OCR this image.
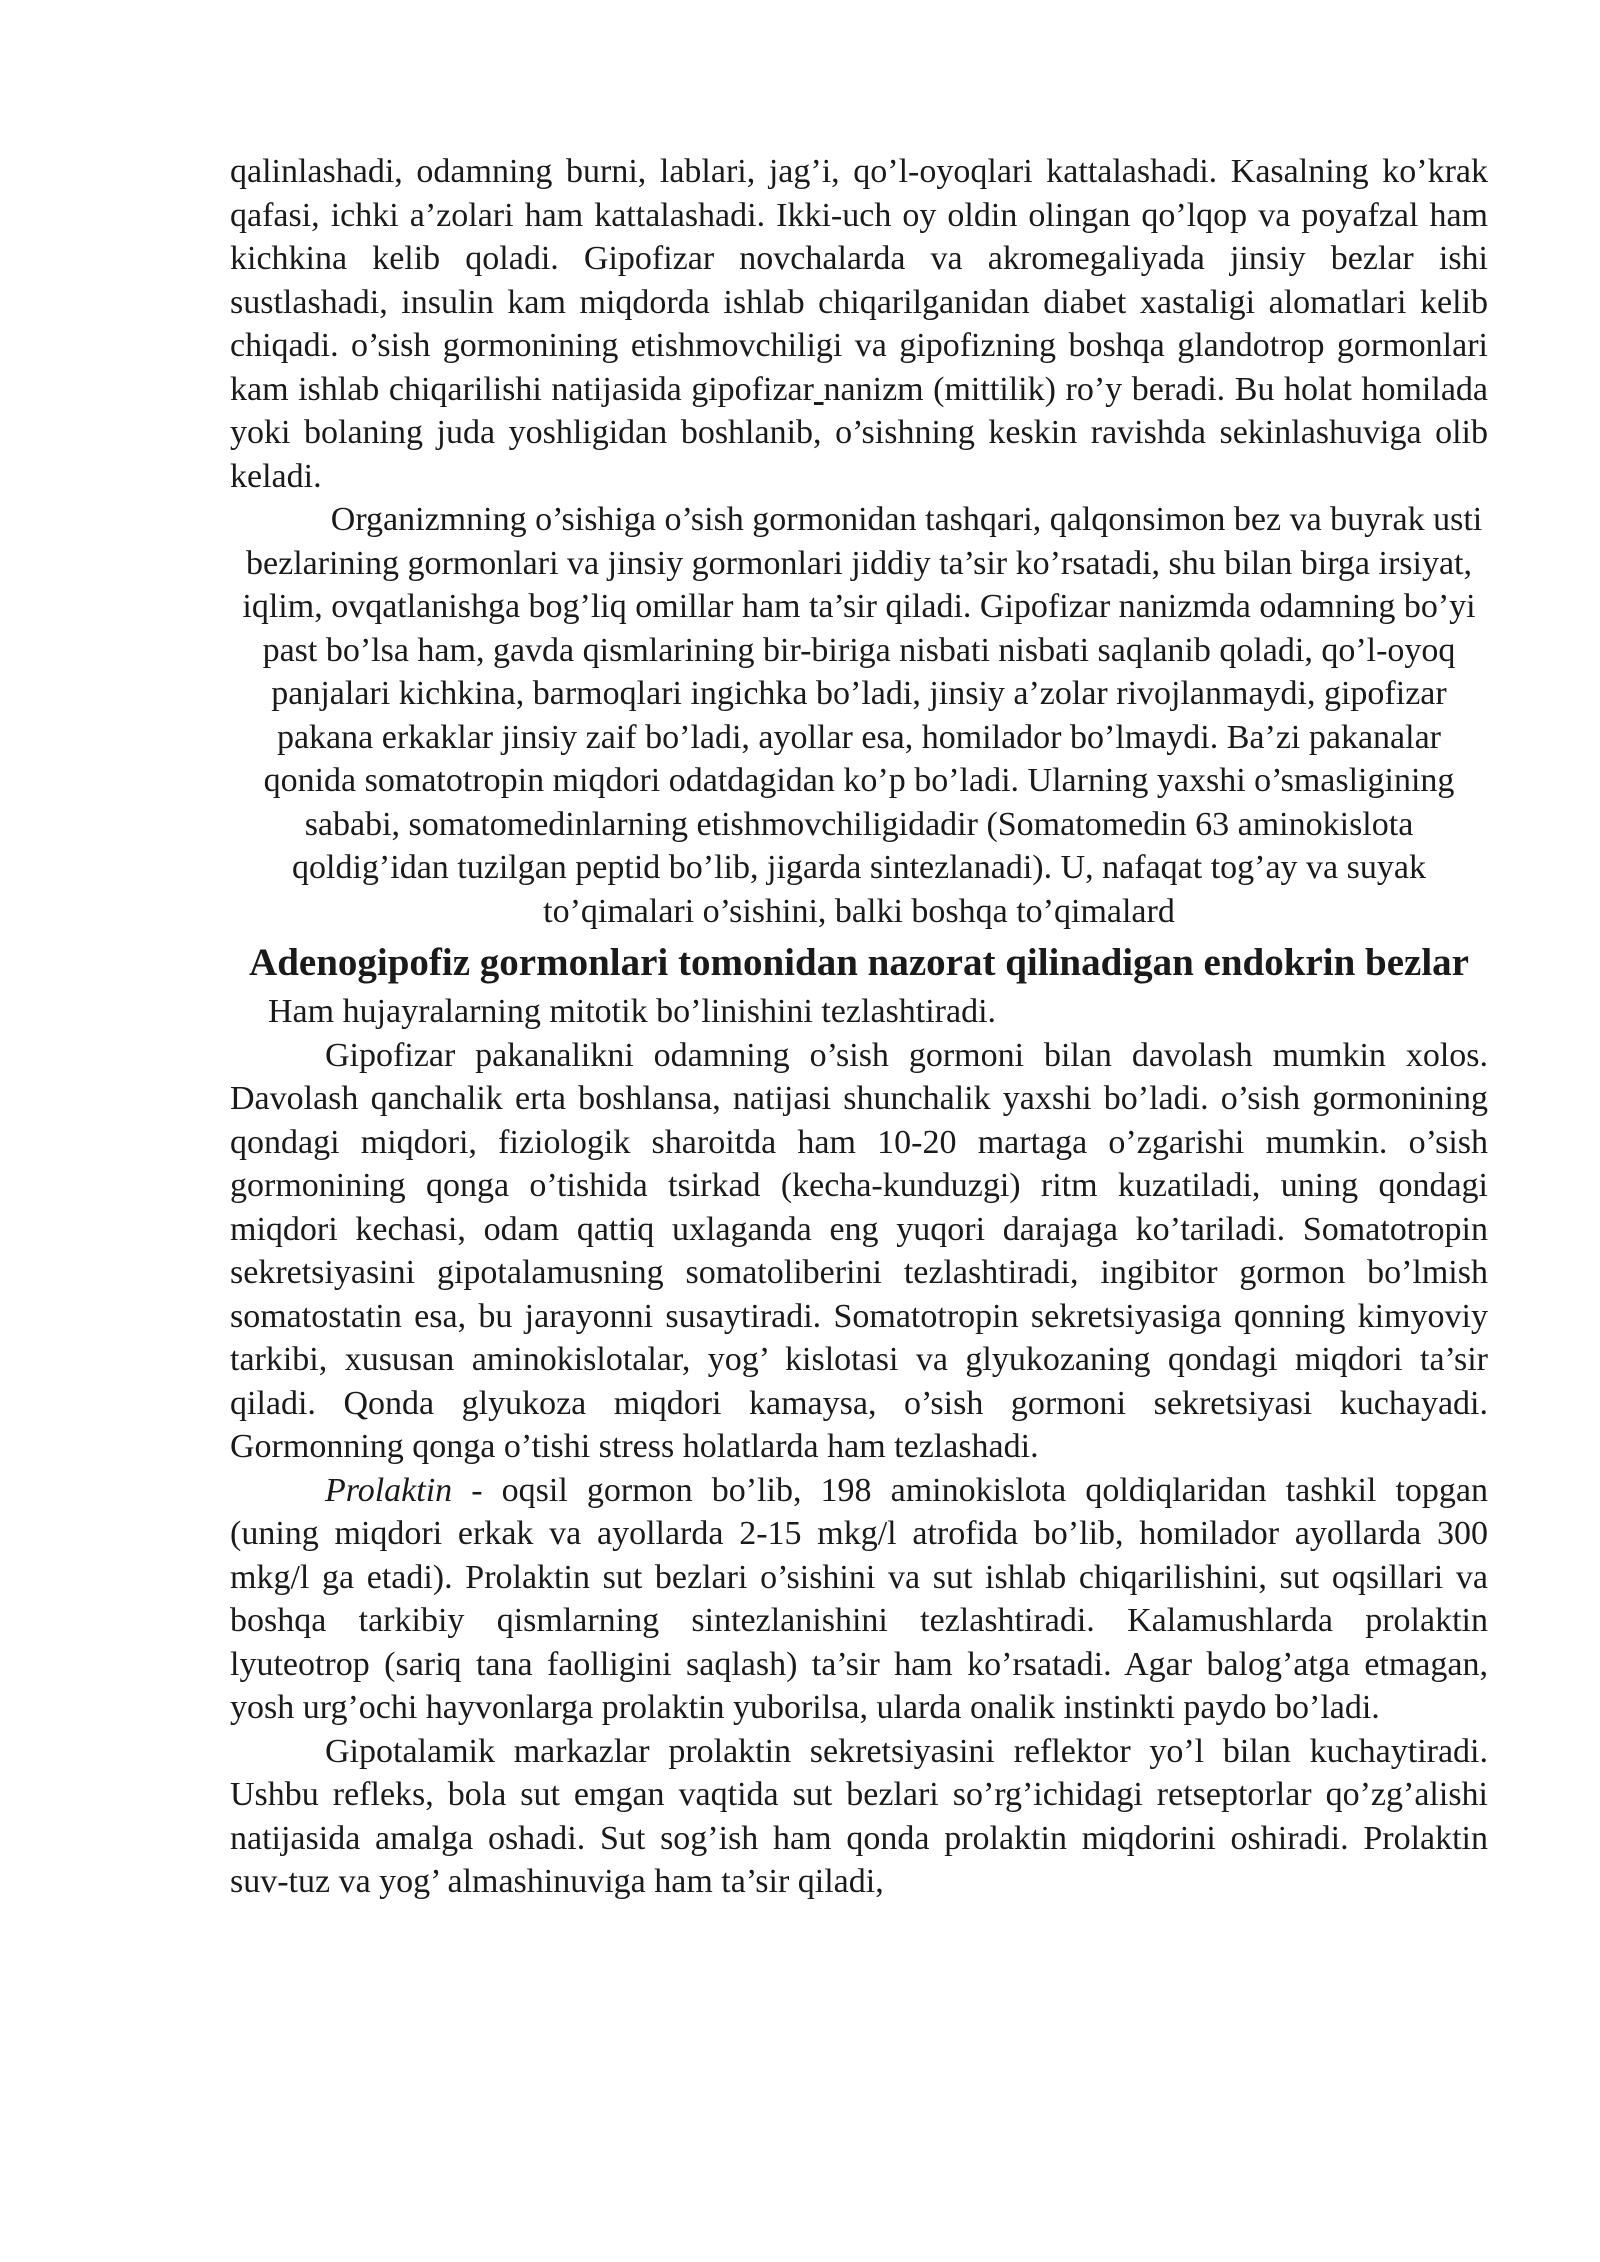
qalinlashadi, odamning burni, lablari, jag’i, qo’l-oyoqlari kattalashadi. Kasalning ko’krak qafasi, ichki a’zolari ham kattalashadi. Ikki-uch oy oldin olingan qo’lqop va poyafzal ham kichkina kelib qoladi. Gipofizar novchalarda va akromegaliyada jinsiy bezlar ishi sustlashadi, insulin kam miqdorda ishlab chiqarilganidan diabet xastaligi alomatlari kelib chiqadi. o’sish gormonining etishmovchiligi va gipofizning boshqa glandotrop gormonlari kam ishlab chiqarilishi natijasida gipofizar nanizm (mittilik) ro’y beradi. Bu holat homilada yoki bolaning juda yoshligidan boshlanib, o’sishning keskin ravishda sekinlashuviga olib keladi.

Organizmning o’sishiga o’sish gormonidan tashqari, qalqonsimon bez va buyrak usti bezlarining gormonlari va jinsiy gormonlari jiddiy ta’sir ko’rsatadi, shu bilan birga irsiyat, iqlim, ovqatlanishga bog’liq omillar ham ta’sir qiladi. Gipofizar nanizmda odamning bo’yi past bo’lsa ham, gavda qismlarining bir-biriga nisbati nisbati saqlanib qoladi, qo’l-oyoq panjalari kichkina, barmoqlari ingichka bo’ladi, jinsiy a’zolar rivojlanmaydi, gipofizar pakana erkaklar jinsiy zaif bo’ladi, ayollar esa, homilador bo’lmaydi. Ba’zi pakanalar qonida somatotropin miqdori odatdagidan ko’p bo’ladi. Ularning yaxshi o’smasligining sababi, somatomedinlarning etishmovchiligidadir (Somatomedin 63 aminokislota qoldig’idan tuzilgan peptid bo’lib, jigarda sintezlanadi). U, nafaqat tog’ay va suyak to’qimalari o’sishini, balki boshqa to’qimalard

Adenogipofiz gormonlari tomonidan nazorat qilinadigan endokrin bezlar

Ham hujayralarning mitotik bo’linishini tezlashtiradi.

Gipofizar pakanalikni odamning o’sish gormoni bilan davolash mumkin xolos. Davolash qanchalik erta boshlansa, natijasi shunchalik yaxshi bo’ladi. o’sish gormonining qondagi miqdori, fiziologik sharoitda ham 10-20 martaga o’zgarishi mumkin. o’sish gormonining qonga o’tishida tsirkad (kecha-kunduzgi) ritm kuzatiladi, uning qondagi miqdori kechasi, odam qattiq uxlaganda eng yuqori darajaga ko’tariladi. Somatotropin sekretsiyasini gipotalamusning somatoliberini tezlashtiradi, ingibitor gormon bo’lmish somatostatin esa, bu jarayonni susaytiradi. Somatotropin sekretsiyasiga qonning kimyoviy tarkibi, xususan aminokislotalar, yog’ kislotasi va glyukozaning qondagi miqdori ta’sir qiladi. Qonda glyukoza miqdori kamaysa, o’sish gormoni sekretsiyasi kuchayadi. Gormonning qonga o’tishi stress holatlarda ham tezlashadi.

Prolaktin - oqsil gormon bo’lib, 198 aminokislota qoldiqlaridan tashkil topgan (uning miqdori erkak va ayollarda 2-15 mkg/l atrofida bo’lib, homilador ayollarda 300 mkg/l ga etadi). Prolaktin sut bezlari o’sishini va sut ishlab chiqarilishini, sut oqsillari va boshqa tarkibiy qismlarning sintezlanishini tezlashtiradi. Kalamushlarda prolaktin lyuteotrop (sariq tana faolligini saqlash) ta’sir ham ko’rsatadi. Agar balog’atga etmagan, yosh urg’ochi hayvonlarga prolaktin yuborilsa, ularda onalik instinkti paydo bo’ladi.

Gipotalamik markazlar prolaktin sekretsiyasini reflektor yo’l bilan kuchaytiradi. Ushbu refleks, bola sut emgan vaqtida sut bezlari so’rg’ichidagi retseptorlar qo’zg’alishi natijasida amalga oshadi. Sut sog’ish ham qonda prolaktin miqdorini oshiradi. Prolaktin suv-tuz va yog’ almashinuviga ham ta’sir qiladi,
